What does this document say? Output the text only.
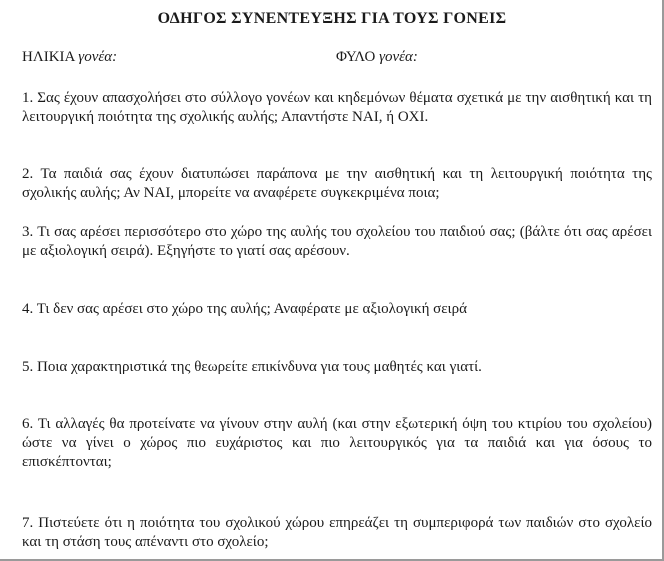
ΟΔΗΓΟΣ ΣΥΝΕΝΤΕΥΞΗΣ ΓΙΑ ΤΟΥΣ ΓΟΝΕΙΣ
ΗΛΙΚΙΑ γονέα:	ΦΥΛΟ γονέα:
1. Σας έχουν απασχολήσει στο σύλλογο γονέων και κηδεμόνων θέματα σχετικά με την αισθητική και τη λειτουργική ποιότητα της σχολικής αυλής; Απαντήστε ΝΑΙ, ή ΟΧΙ.
2. Τα παιδιά σας έχουν διατυπώσει παράπονα με την αισθητική και τη λειτουργική ποιότητα της σχολικής αυλής; Αν ΝΑΙ, μπορείτε να αναφέρετε συγκεκριμένα ποια;
3. Τι σας αρέσει περισσότερο στο χώρο της αυλής του σχολείου του παιδιού σας; (βάλτε ότι σας αρέσει με αξιολογική σειρά). Εξηγήστε το γιατί σας αρέσουν.
4. Τι δεν σας αρέσει στο χώρο της αυλής; Αναφέρατε με αξιολογική σειρά
5. Ποια χαρακτηριστικά της θεωρείτε επικίνδυνα για τους μαθητές και γιατί.
6. Τι αλλαγές θα προτείνατε να γίνουν στην αυλή (και στην εξωτερική όψη του κτιρίου του σχολείου) ώστε να γίνει ο χώρος πιο ευχάριστος και πιο λειτουργικός για τα παιδιά και για όσους το επισκέπτονται;
7. Πιστεύετε ότι η ποιότητα του σχολικού χώρου επηρεάζει τη συμπεριφορά των παιδιών στο σχολείο και τη στάση τους απέναντι στο σχολείο;
